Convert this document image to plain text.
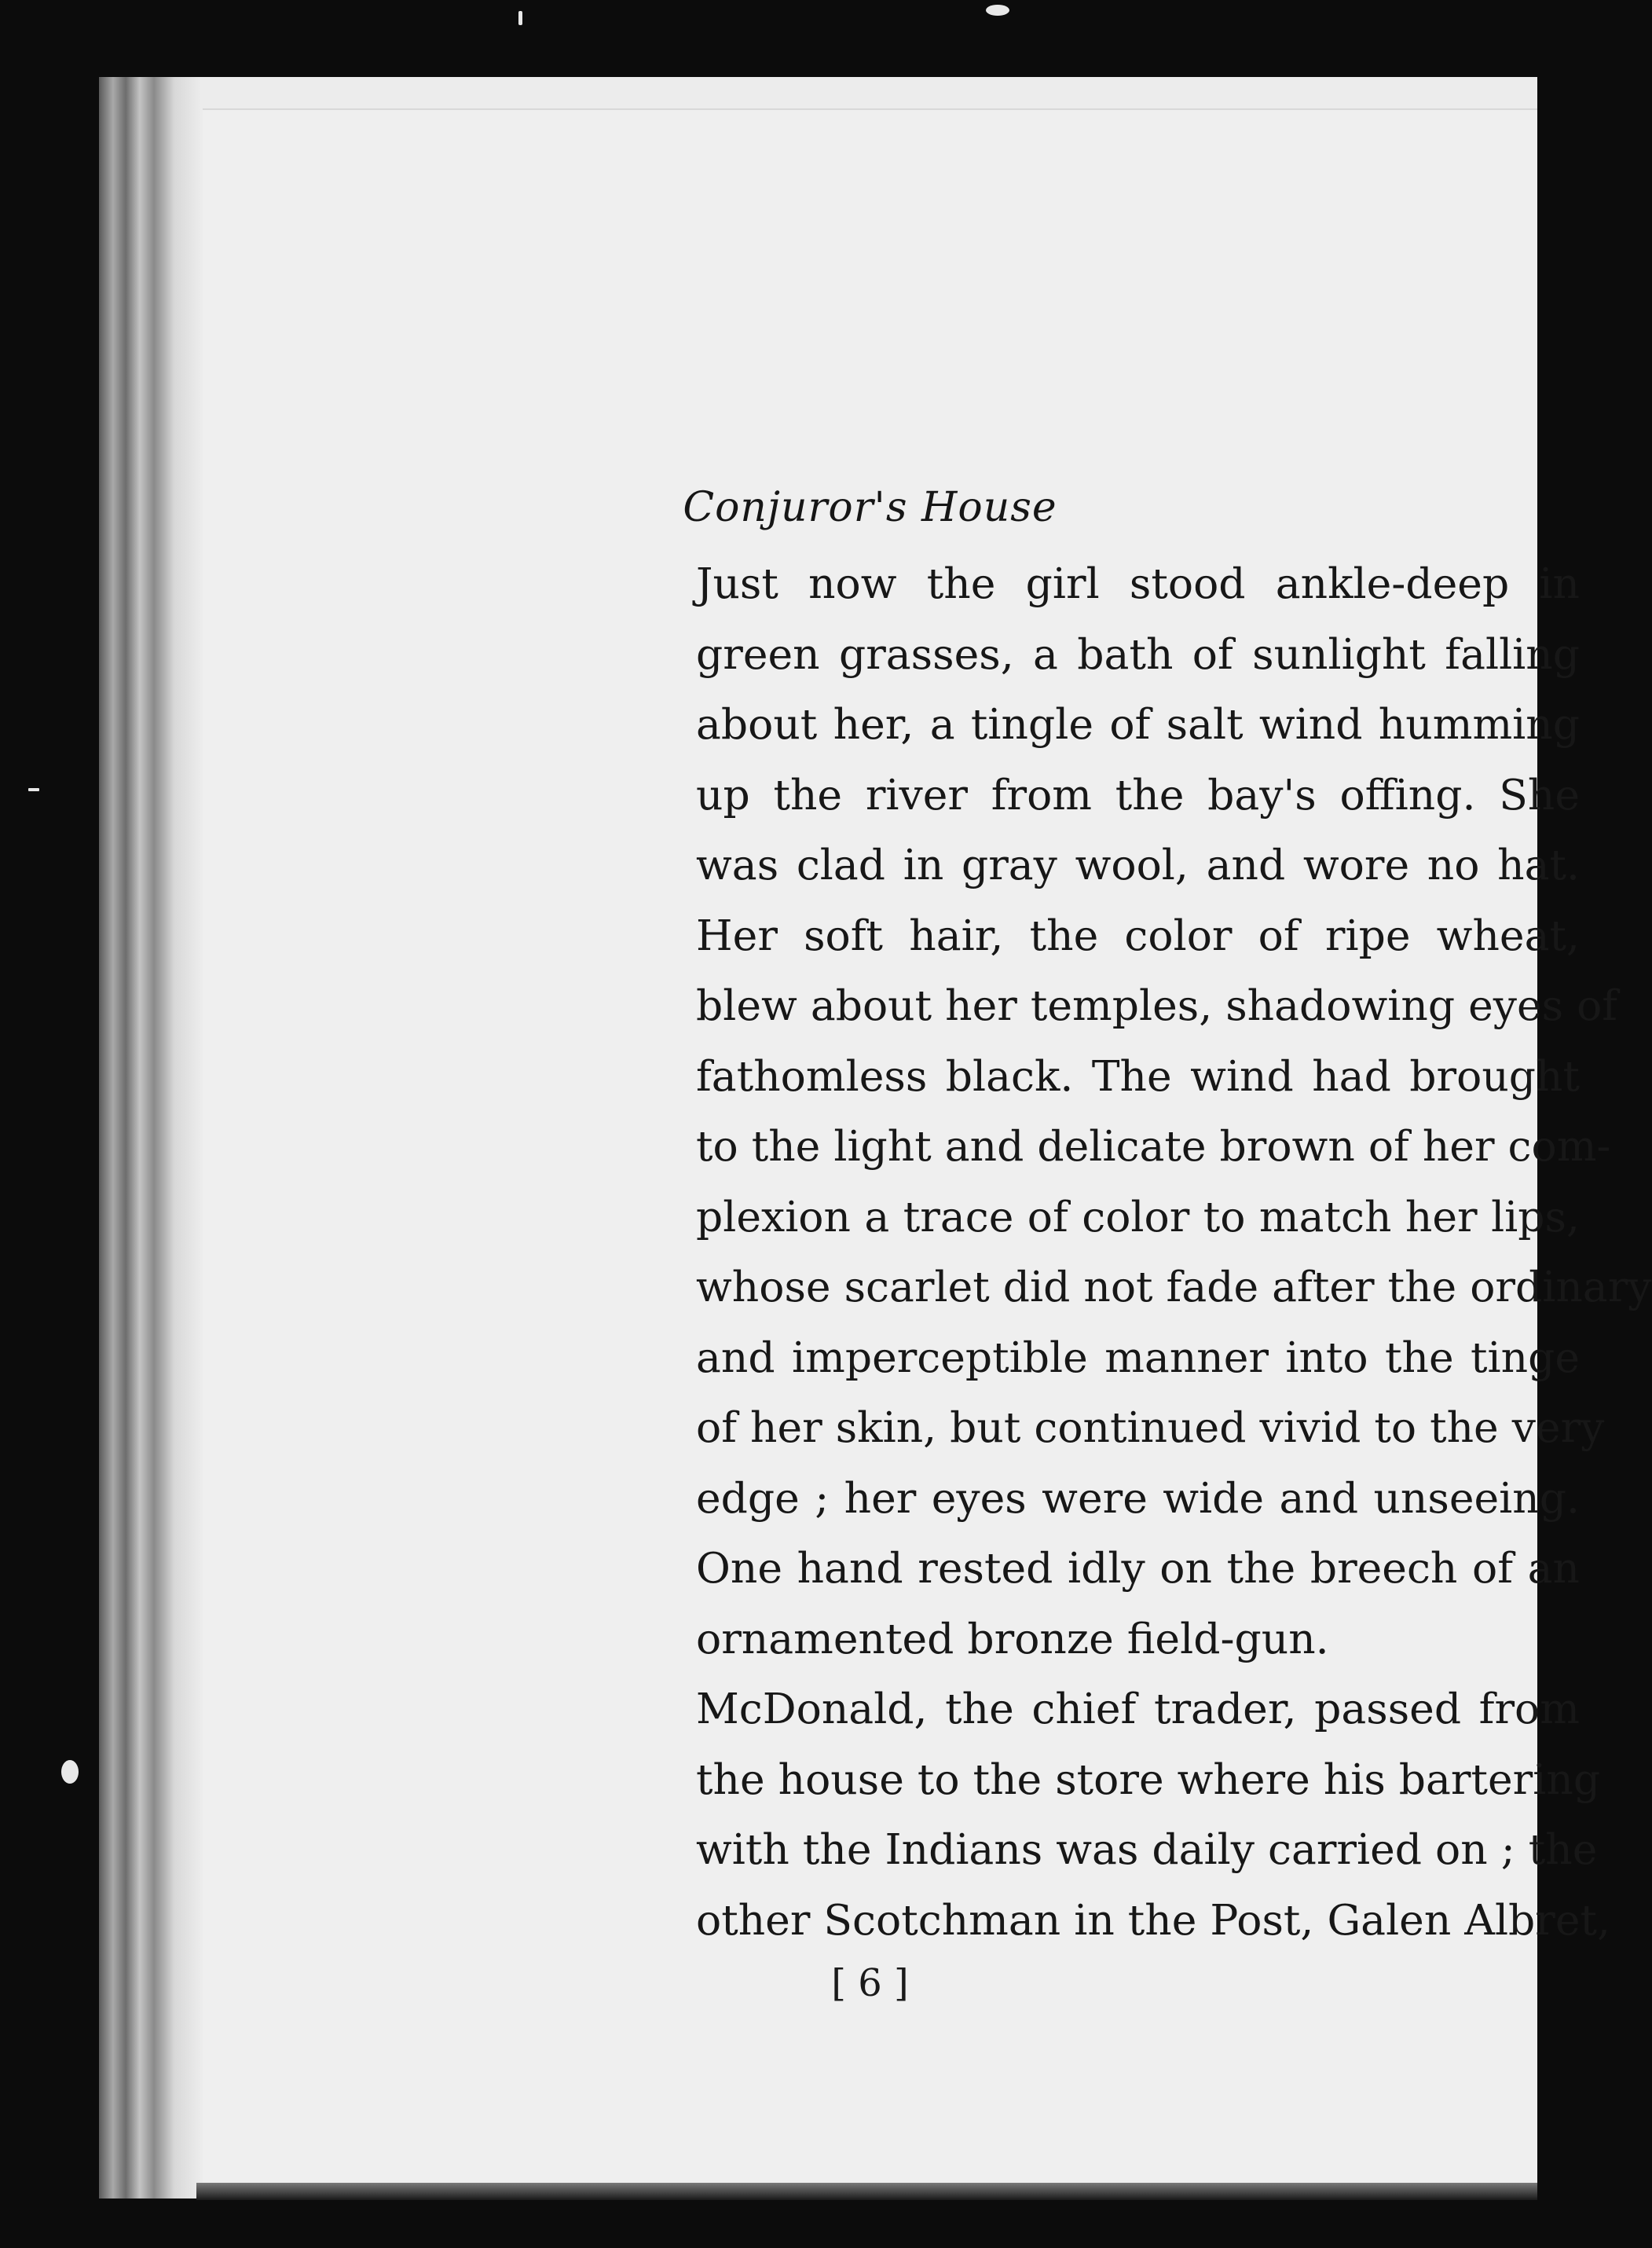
Conjuror's House
Just now the girl stood ankle-deep in
green grasses, a bath of sunlight falling
about her, a tingle of salt wind humming
up the river from the bay's offing. She
was clad in gray wool, and wore no hat.
Her soft hair, the color of ripe wheat,
blew about her temples, shadowing eyes of
fathomless black. The wind had brought
to the light and delicate brown of her com-
plexion a trace of color to match her lips,
whose scarlet did not fade after the ordinary
and imperceptible manner into the tinge
of her skin, but continued vivid to the very
edge ; her eyes were wide and unseeing.
One hand rested idly on the breech of an
ornamented bronze field-gun.
McDonald, the chief trader, passed from
the house to the store where his bartering
with the Indians was daily carried on ; the
other Scotchman in the Post, Galen Albret,
[ 6 ]
